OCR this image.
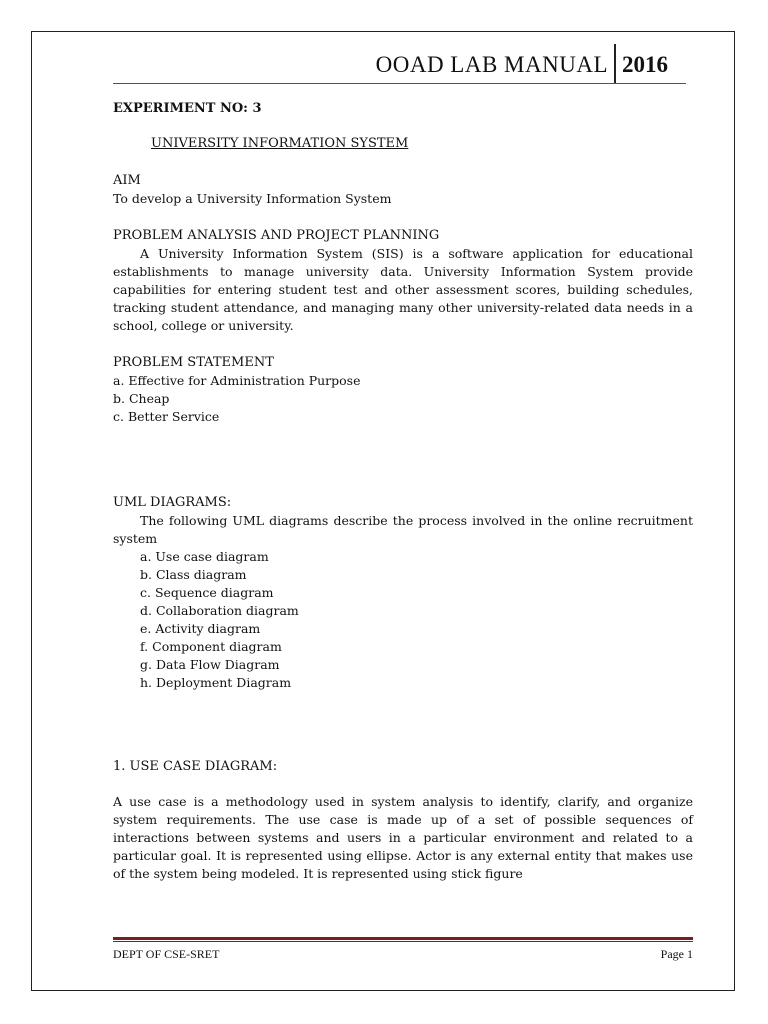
OOAD LAB MANUAL 2016

EXPERIMENT NO: 3

UNIVERSITY INFORMATION SYSTEM

AIM

To develop a University Information System

PROBLEM ANALYSIS AND PROJECT PLANNING

A University Information System (SIS) is a software application for educational establishments to manage university data. University Information System provide capabilities for entering student test and other assessment scores, building schedules, tracking student attendance, and managing many other university-related data needs in a school, college or university.

PROBLEM STATEMENT

a. Effective for Administration Purpose

b. Cheap

c. Better Service

UML DIAGRAMS:

The following UML diagrams describe the process involved in the online recruitment system

a. Use case diagram

b. Class diagram

c. Sequence diagram

d. Collaboration diagram

e. Activity diagram

f. Component diagram

g. Data Flow Diagram

h. Deployment Diagram

1. USE CASE DIAGRAM:

A use case is a methodology used in system analysis to identify, clarify, and organize system requirements. The use case is made up of a set of possible sequences of interactions between systems and users in a particular environment and related to a particular goal. It is represented using ellipse. Actor is any external entity that makes use of the system being modeled. It is represented using stick figure

DEPT OF CSE-SRET	Page 1
